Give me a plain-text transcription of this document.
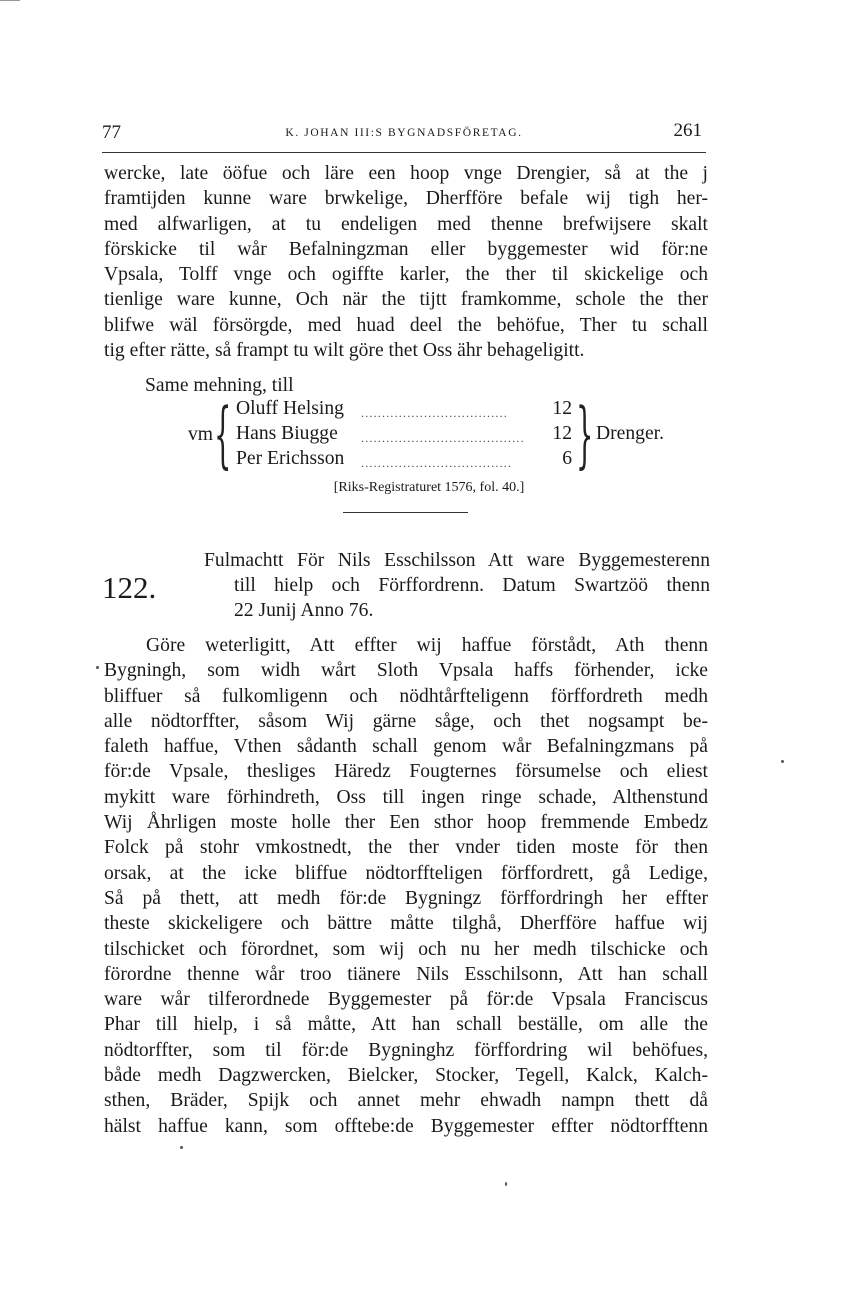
77	K. JOHAN III:S BYGNADSFÖRETAG.	261
wercke, late ööfue och läre een hoop vnge Drengier, så at the j
framtijden kunne ware brwkelige, Dherfföre befale wij tigh her-
med alfwarligen, at tu endeligen med thenne brefwijsere skalt
förskicke til wår Befalningzman eller byggemester wid för:ne
Vpsala, Tolff vnge och ogiffte karler, the ther til skickelige och
tienlige ware kunne, Och när the tijtt framkomme, schole the ther
blifwe wäl försörgde, med huad deel the behöfue, Ther tu schall
tig efter rätte, så frampt tu wilt göre thet Oss ähr behageligitt.
Same mehning, till
vm { Oluff Helsing ...................................	12
Hans Biugge .......................................	12
Per Erichsson ....................................	6 } Drenger.
[Riks-Registraturet 1576, fol. 40.]
122.
Fulmachtt För Nils Esschilsson Att ware Byggemesterenn
till hielp och Förffordrenn. Datum Swartzöö thenn
22 Junij Anno 76.
Göre weterligitt, Att effter wij haffue förstådt, Ath thenn
Bygningh, som widh wårt Sloth Vpsala haffs förhender, icke
bliffuer så fulkomligenn och nödhtårfteligenn förffordreth medh
alle nödtorffter, såsom Wij gärne såge, och thet nogsampt be-
faleth haffue, Vthen sådanth schall genom wår Befalningzmans på
för:de Vpsale, thesliges Häredz Fougternes försumelse och eliest
mykitt ware förhindreth, Oss till ingen ringe schade, Althenstund
Wij Åhrligen moste holle ther Een sthor hoop fremmende Embedz
Folck på stohr vmkostnedt, the ther vnder tiden moste för then
orsak, at the icke bliffue nödtorffteligen förffordrett, gå Ledige,
Så på thett, att medh för:de Bygningz förffordringh her effter
theste skickeligere och bättre måtte tilghå, Dherfföre haffue wij
tilschicket och förordnet, som wij och nu her medh tilschicke och
förordne thenne wår troo tiänere Nils Esschilsonn, Att han schall
ware wår tilferordnede Byggemester på för:de Vpsala Franciscus
Phar till hielp, i så måtte, Att han schall beställe, om alle the
nödtorffter, som til för:de Bygninghz förffordring wil behöfues,
både medh Dagzwercken, Bielcker, Stocker, Tegell, Kalck, Kalch-
sthen, Bräder, Spijk och annet mehr ehwadh nampn thett då
hälst haffue kann, som offtebe:de Byggemester effter nödtorfftenn
